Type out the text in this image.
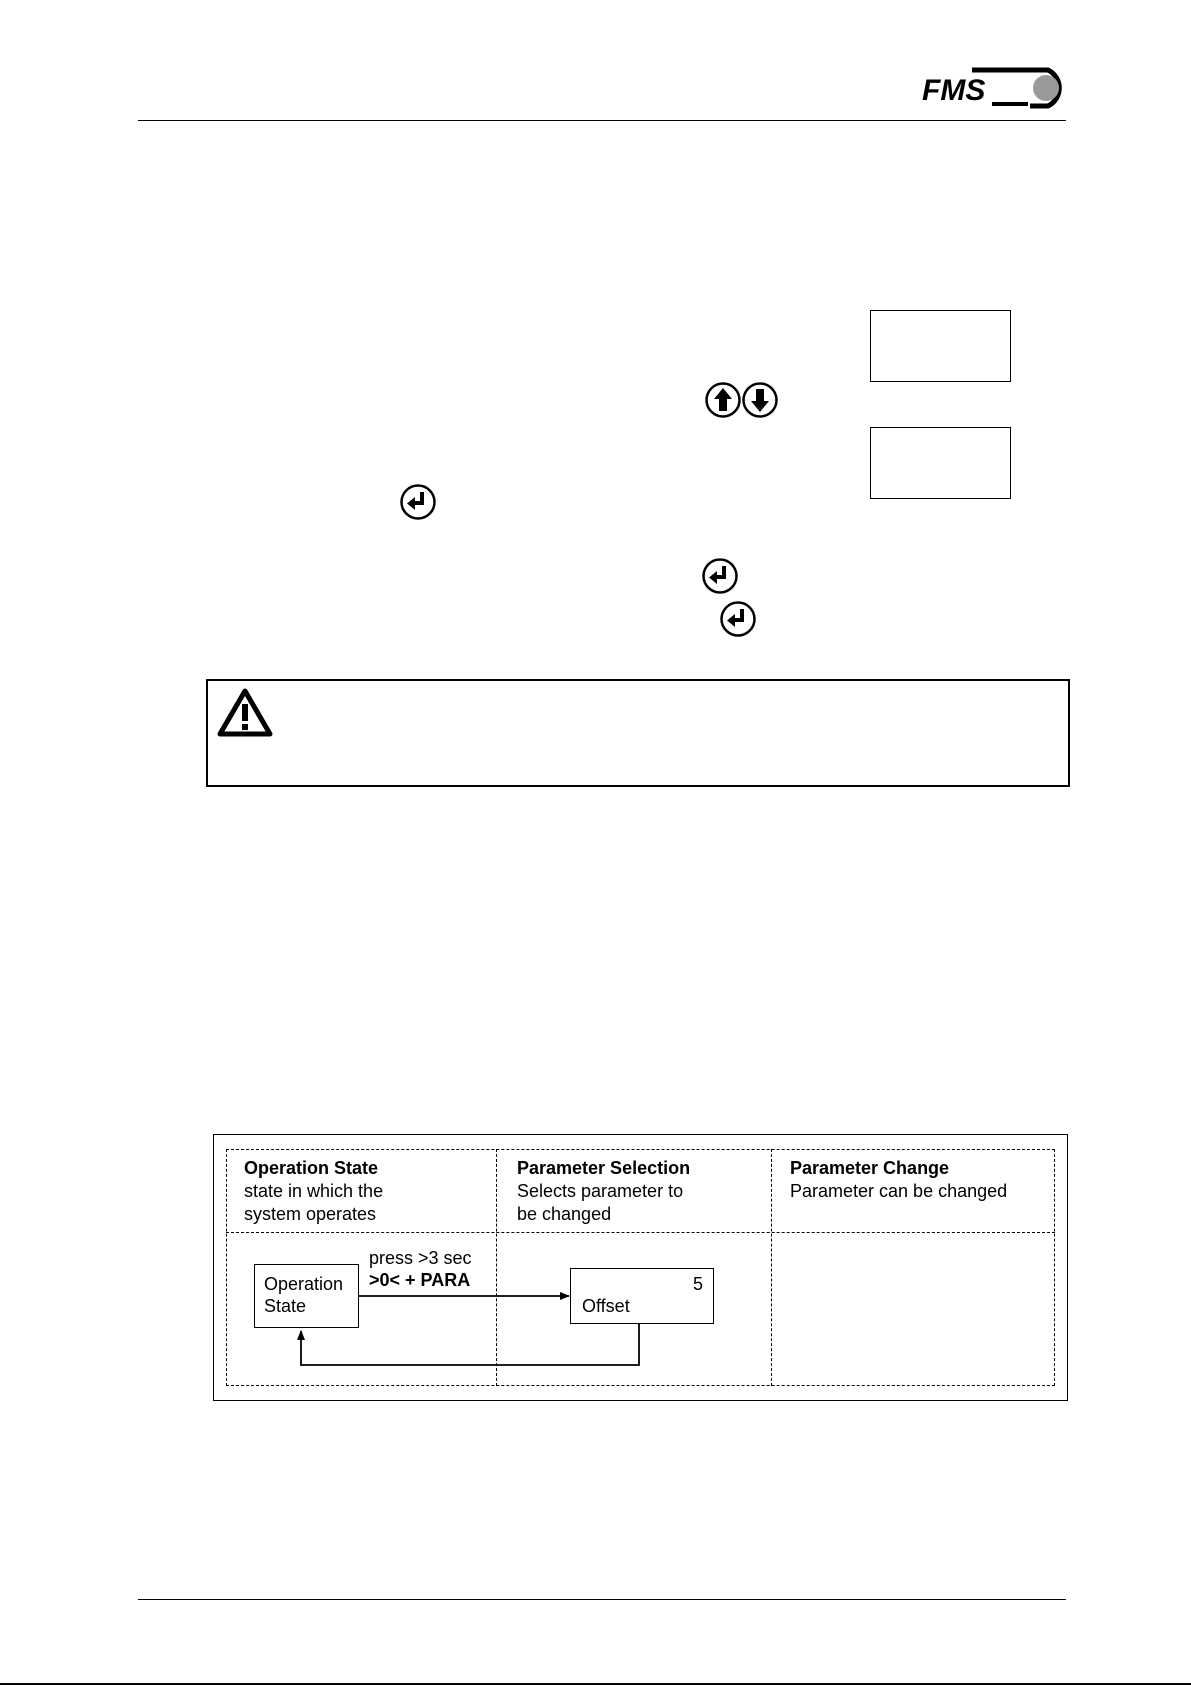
FMS
Operation State
state in which the
system operates
Parameter Selection
Selects parameter to
be changed
Parameter Change
Parameter can be changed
Operation
State
press >3 sec
>0< + PARA	5
Offset
